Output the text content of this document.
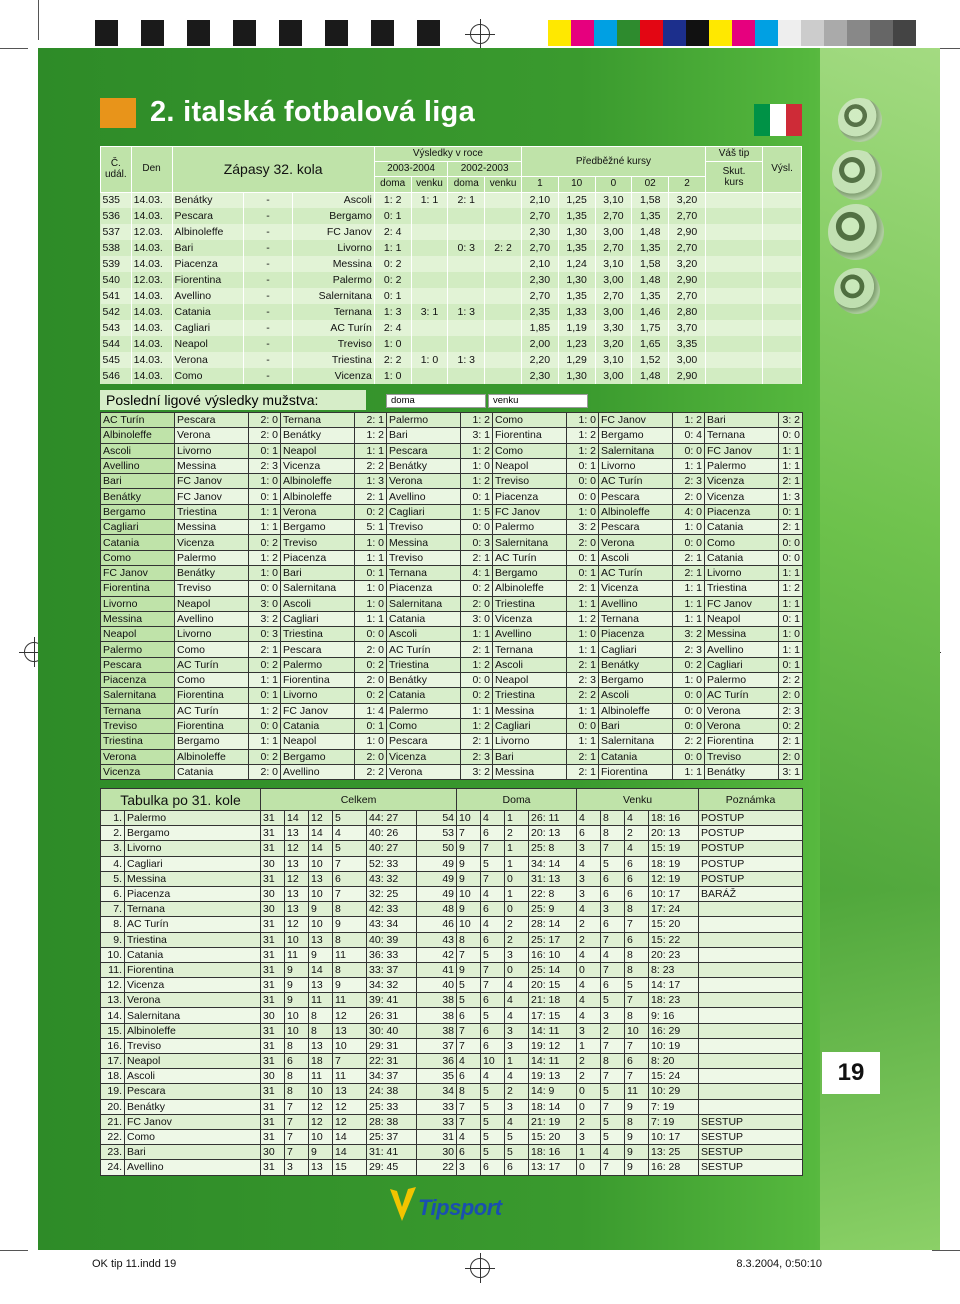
2. italská fotbalová liga
Č.
udál.	Den	Zápasy 32. kola			Výsledky v roce				Předběžné kursy					Váš tip	Výsl.
					2003-2004		2002-2003							Skut.
kurs	
					doma	venku	doma	venku	1	10	0	02	2		
535	14.03.	Benátky	-	Ascoli	1: 2	1: 1	2: 1		2,10	1,25	3,10	1,58	3,20		
536	14.03.	Pescara	-	Bergamo	0: 1				2,70	1,35	2,70	1,35	2,70		
537	12.03.	Albinoleffe	-	FC Janov	2: 4				2,30	1,30	3,00	1,48	2,90		
538	14.03.	Bari	-	Livorno	1: 1		0: 3	2: 2	2,70	1,35	2,70	1,35	2,70		
539	14.03.	Piacenza	-	Messina	0: 2				2,10	1,24	3,10	1,58	3,20		
540	12.03.	Fiorentina	-	Palermo	0: 2				2,30	1,30	3,00	1,48	2,90		
541	14.03.	Avellino	-	Salernitana	0: 1				2,70	1,35	2,70	1,35	2,70		
542	14.03.	Catania	-	Ternana	1: 3	3: 1	1: 3		2,35	1,33	3,00	1,46	2,80		
543	14.03.	Cagliari	-	AC Turín	2: 4				1,85	1,19	3,30	1,75	3,70		
544	14.03.	Neapol	-	Treviso	1: 0				2,00	1,23	3,20	1,65	3,35		
545	14.03.	Verona	-	Triestina	2: 2	1: 0	1: 3		2,20	1,29	3,10	1,52	3,00		
546	14.03.	Como	-	Vicenza	1: 0				2,30	1,30	3,00	1,48	2,90		
Poslední ligové výsledky mužstva:	doma	venku
AC Turín	Pescara	2: 0	Ternana	2: 1	Palermo	1: 2	Como	1: 0	FC Janov	1: 2	Bari	3: 2
Albinoleffe	Verona	2: 0	Benátky	1: 2	Bari	3: 1	Fiorentina	1: 2	Bergamo	0: 4	Ternana	0: 0
Ascoli	Livorno	0: 1	Neapol	1: 1	Pescara	1: 2	Como	1: 2	Salernitana	0: 0	FC Janov	1: 1
Avellino	Messina	2: 3	Vicenza	2: 2	Benátky	1: 0	Neapol	0: 1	Livorno	1: 1	Palermo	1: 1
Bari	FC Janov	1: 0	Albinoleffe	1: 3	Verona	1: 2	Treviso	0: 0	AC Turín	2: 3	Vicenza	2: 1
Benátky	FC Janov	0: 1	Albinoleffe	2: 1	Avellino	0: 1	Piacenza	0: 0	Pescara	2: 0	Vicenza	1: 3
Bergamo	Triestina	1: 1	Verona	0: 2	Cagliari	1: 5	FC Janov	1: 0	Albinoleffe	4: 0	Piacenza	0: 1
Cagliari	Messina	1: 1	Bergamo	5: 1	Treviso	0: 0	Palermo	3: 2	Pescara	1: 0	Catania	2: 1
Catania	Vicenza	0: 2	Treviso	1: 0	Messina	0: 3	Salernitana	2: 0	Verona	0: 0	Como	0: 0
Como	Palermo	1: 2	Piacenza	1: 1	Treviso	2: 1	AC Turín	0: 1	Ascoli	2: 1	Catania	0: 0
FC Janov	Benátky	1: 0	Bari	0: 1	Ternana	4: 1	Bergamo	0: 1	AC Turín	2: 1	Livorno	1: 1
Fiorentina	Treviso	0: 0	Salernitana	1: 0	Piacenza	0: 2	Albinoleffe	2: 1	Vicenza	1: 1	Triestina	1: 2
Livorno	Neapol	3: 0	Ascoli	1: 0	Salernitana	2: 0	Triestina	1: 1	Avellino	1: 1	FC Janov	1: 1
Messina	Avellino	3: 2	Cagliari	1: 1	Catania	3: 0	Vicenza	1: 2	Ternana	1: 1	Neapol	0: 1
Neapol	Livorno	0: 3	Triestina	0: 0	Ascoli	1: 1	Avellino	1: 0	Piacenza	3: 2	Messina	1: 0
Palermo	Como	2: 1	Pescara	2: 0	AC Turín	2: 1	Ternana	1: 1	Cagliari	2: 3	Avellino	1: 1
Pescara	AC Turín	0: 2	Palermo	0: 2	Triestina	1: 2	Ascoli	2: 1	Benátky	0: 2	Cagliari	0: 1
Piacenza	Como	1: 1	Fiorentina	2: 0	Benátky	0: 0	Neapol	2: 3	Bergamo	1: 0	Palermo	2: 2
Salernitana	Fiorentina	0: 1	Livorno	0: 2	Catania	0: 2	Triestina	2: 2	Ascoli	0: 0	AC Turín	2: 0
Ternana	AC Turín	1: 2	FC Janov	1: 4	Palermo	1: 1	Messina	1: 1	Albinoleffe	0: 0	Verona	2: 3
Treviso	Fiorentina	0: 0	Catania	0: 1	Como	1: 2	Cagliari	0: 0	Bari	0: 0	Verona	0: 2
Triestina	Bergamo	1: 1	Neapol	1: 0	Pescara	2: 1	Livorno	1: 1	Salernitana	2: 2	Fiorentina	2: 1
Verona	Albinoleffe	0: 2	Bergamo	2: 0	Vicenza	2: 3	Bari	2: 1	Catania	0: 0	Treviso	2: 0
Vicenza	Catania	2: 0	Avellino	2: 2	Verona	3: 2	Messina	2: 1	Fiorentina	1: 1	Benátky	3: 1
Tabulka po 31. kole		Celkem						Doma				Venku				Poznámka
1.	Palermo	31	14	12	5	44: 27	54	10	4	1	26: 11	4	8	4	18: 16	POSTUP
2.	Bergamo	31	13	14	4	40: 26	53	7	6	2	20: 13	6	8	2	20: 13	POSTUP
3.	Livorno	31	12	14	5	40: 27	50	9	7	1	25: 8	3	7	4	15: 19	POSTUP
4.	Cagliari	30	13	10	7	52: 33	49	9	5	1	34: 14	4	5	6	18: 19	POSTUP
5.	Messina	31	12	13	6	43: 32	49	9	7	0	31: 13	3	6	6	12: 19	POSTUP
6.	Piacenza	30	13	10	7	32: 25	49	10	4	1	22: 8	3	6	6	10: 17	BARÁŽ
7.	Ternana	30	13	9	8	42: 33	48	9	6	0	25: 9	4	3	8	17: 24	
8.	AC Turín	31	12	10	9	43: 34	46	10	4	2	28: 14	2	6	7	15: 20	
9.	Triestina	31	10	13	8	40: 39	43	8	6	2	25: 17	2	7	6	15: 22	
10.	Catania	31	11	9	11	36: 33	42	7	5	3	16: 10	4	4	8	20: 23	
11.	Fiorentina	31	9	14	8	33: 37	41	9	7	0	25: 14	0	7	8	8: 23	
12.	Vicenza	31	9	13	9	34: 32	40	5	7	4	20: 15	4	6	5	14: 17	
13.	Verona	31	9	11	11	39: 41	38	5	6	4	21: 18	4	5	7	18: 23	
14.	Salernitana	30	10	8	12	26: 31	38	6	5	4	17: 15	4	3	8	9: 16	
15.	Albinoleffe	31	10	8	13	30: 40	38	7	6	3	14: 11	3	2	10	16: 29	
16.	Treviso	31	8	13	10	29: 31	37	7	6	3	19: 12	1	7	7	10: 19	
17.	Neapol	31	6	18	7	22: 31	36	4	10	1	14: 11	2	8	6	8: 20	
18.	Ascoli	30	8	11	11	34: 37	35	6	4	4	19: 13	2	7	7	15: 24	
19.	Pescara	31	8	10	13	24: 38	34	8	5	2	14: 9	0	5	11	10: 29	
20.	Benátky	31	7	12	12	25: 33	33	7	5	3	18: 14	0	7	9	7: 19	
21.	FC Janov	31	7	12	12	28: 38	33	7	5	4	21: 19	2	5	8	7: 19	SESTUP
22.	Como	31	7	10	14	25: 37	31	4	5	5	15: 20	3	5	9	10: 17	SESTUP
23.	Bari	30	7	9	14	31: 41	30	6	5	5	18: 16	1	4	9	13: 25	SESTUP
24.	Avellino	31	3	13	15	29: 45	22	3	6	6	13: 17	0	7	9	16: 28	SESTUP
19
Tipsport
OK tip 11.indd 19	8.3.2004, 0:50:10
